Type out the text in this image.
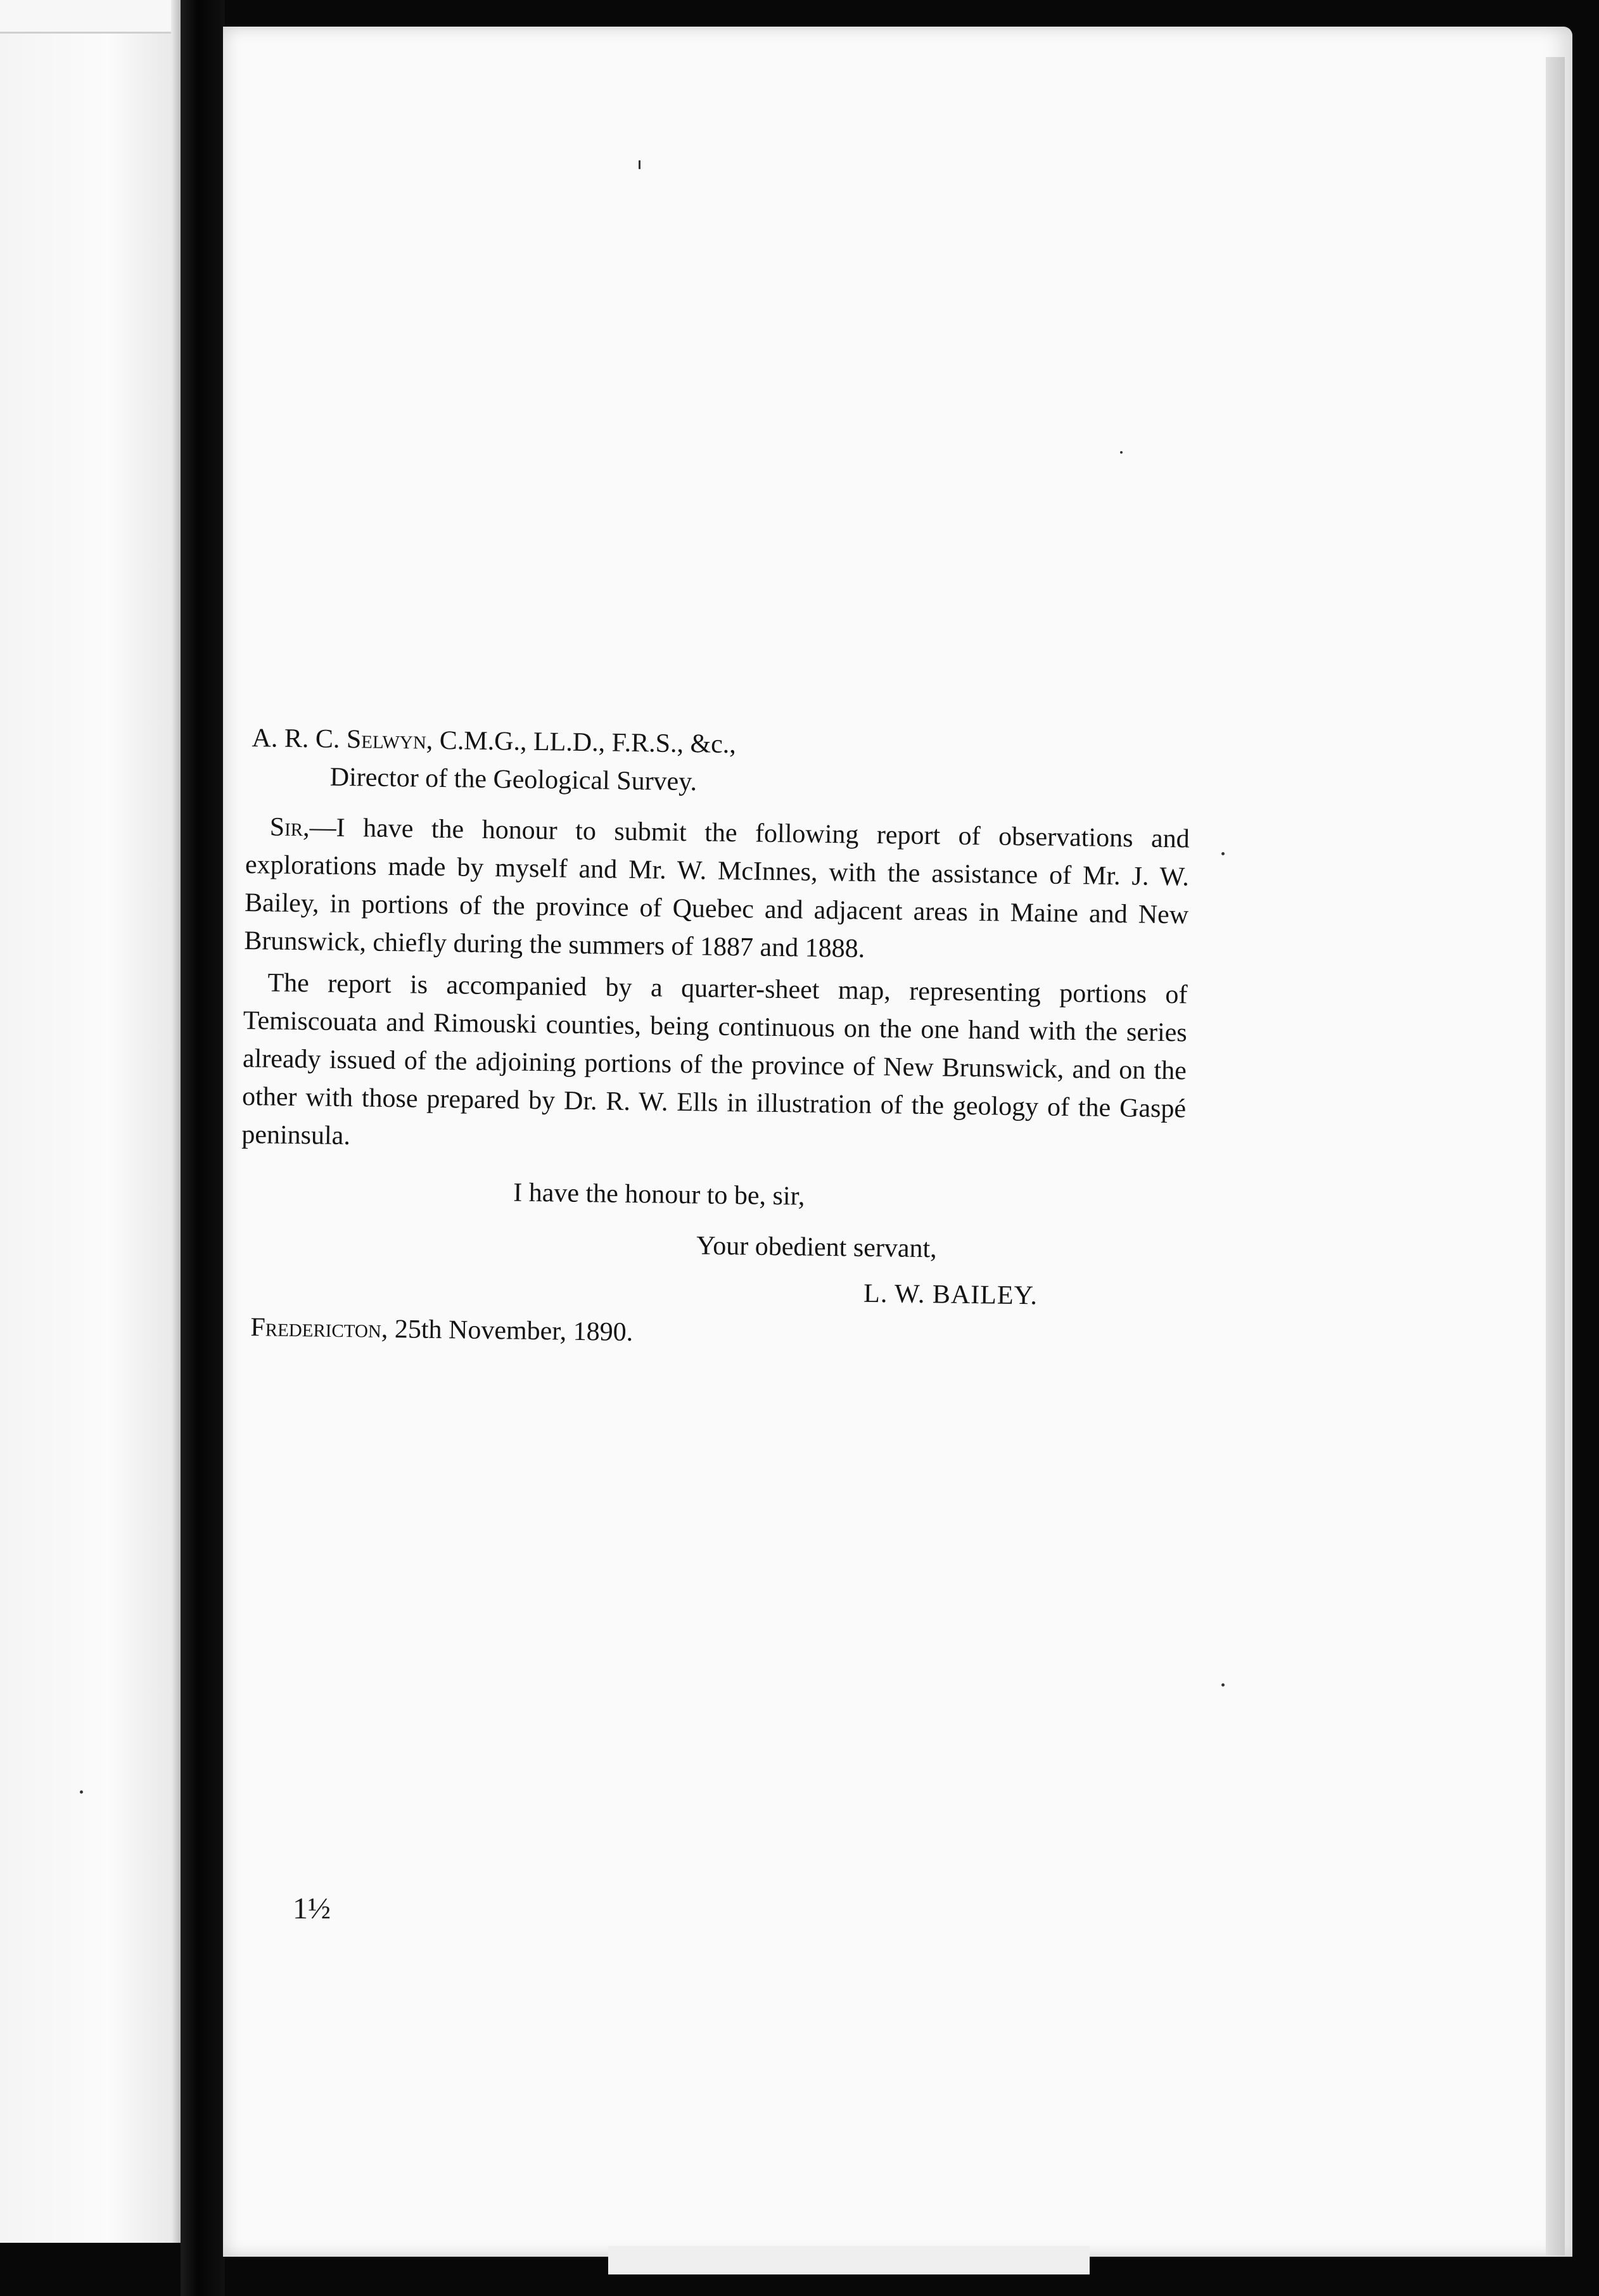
A. R. C. Selwyn, C.M.G., LL.D., F.R.S., &c.,
Director of the Geological Survey.

Sir,—I have the honour to submit the following report of observations and explorations made by myself and Mr. W. McInnes, with the assistance of Mr. J. W. Bailey, in portions of the province of Quebec and adjacent areas in Maine and New Brunswick, chiefly during the summers of 1887 and 1888.

The report is accompanied by a quarter-sheet map, representing portions of Temiscouata and Rimouski counties, being continuous on the one hand with the series already issued of the adjoining portions of the province of New Brunswick, and on the other with those prepared by Dr. R. W. Ells in illustration of the geology of the Gaspé peninsula.

I have the honour to be, sir,
Your obedient servant,
L. W. BAILEY.
Fredericton, 25th November, 1890.
1½
